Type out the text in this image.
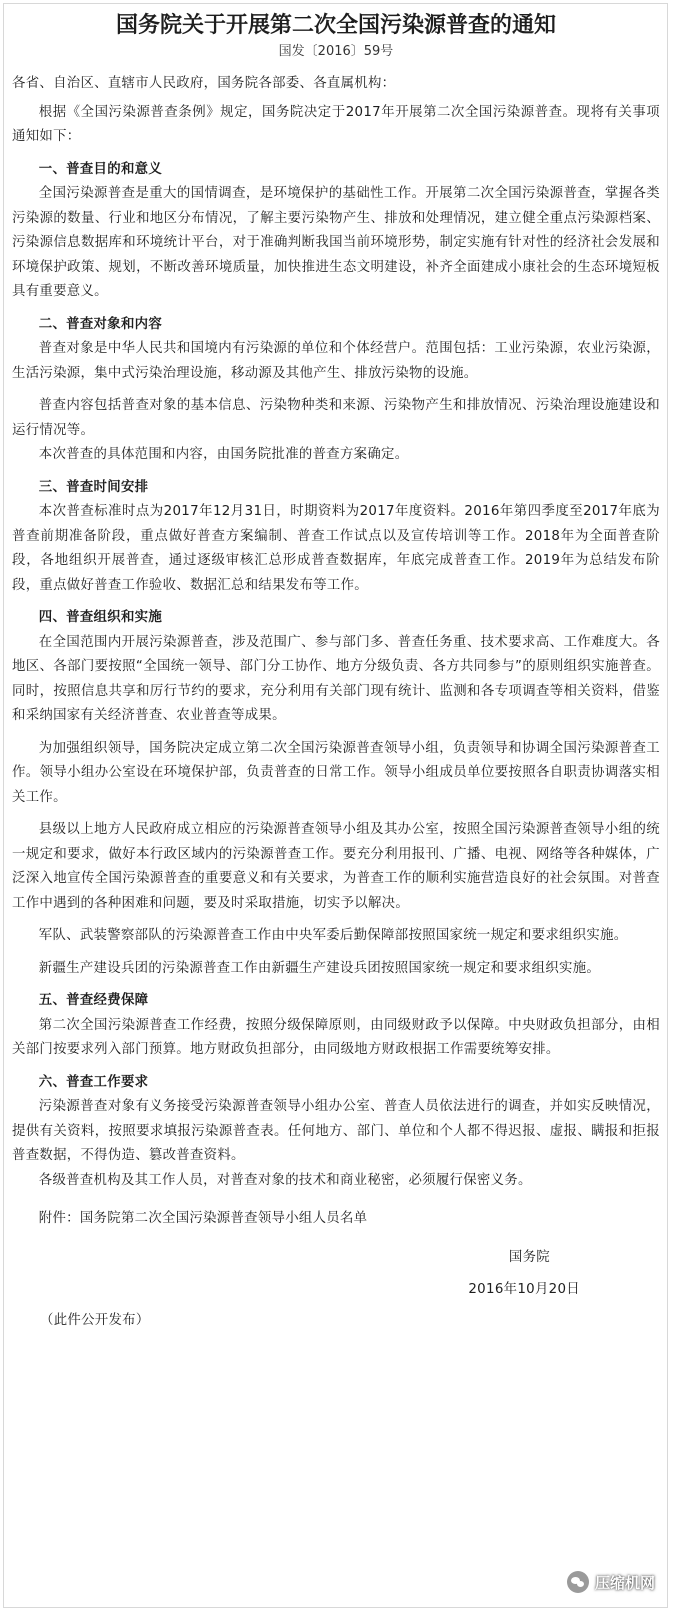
国务院关于开展第二次全国污染源普查的通知
国发〔2016〕59号

各省、自治区、直辖市人民政府，国务院各部委、各直属机构：

根据《全国污染源普查条例》规定，国务院决定于2017年开展第二次全国污染源普查。现将有关事项通知如下：

一、普查目的和意义

全国污染源普查是重大的国情调查，是环境保护的基础性工作。开展第二次全国污染源普查，掌握各类污染源的数量、行业和地区分布情况，了解主要污染物产生、排放和处理情况，建立健全重点污染源档案、污染源信息数据库和环境统计平台，对于准确判断我国当前环境形势，制定实施有针对性的经济社会发展和环境保护政策、规划，不断改善环境质量，加快推进生态文明建设，补齐全面建成小康社会的生态环境短板具有重要意义。

二、普查对象和内容

普查对象是中华人民共和国境内有污染源的单位和个体经营户。范围包括：工业污染源，农业污染源，生活污染源，集中式污染治理设施，移动源及其他产生、排放污染物的设施。

普查内容包括普查对象的基本信息、污染物种类和来源、污染物产生和排放情况、污染治理设施建设和运行情况等。

本次普查的具体范围和内容，由国务院批准的普查方案确定。

三、普查时间安排

本次普查标准时点为2017年12月31日，时期资料为2017年度资料。2016年第四季度至2017年底为普查前期准备阶段，重点做好普查方案编制、普查工作试点以及宣传培训等工作。2018年为全面普查阶段，各地组织开展普查，通过逐级审核汇总形成普查数据库，年底完成普查工作。2019年为总结发布阶段，重点做好普查工作验收、数据汇总和结果发布等工作。

四、普查组织和实施

在全国范围内开展污染源普查，涉及范围广、参与部门多、普查任务重、技术要求高、工作难度大。各地区、各部门要按照“全国统一领导、部门分工协作、地方分级负责、各方共同参与”的原则组织实施普查。同时，按照信息共享和厉行节约的要求，充分利用有关部门现有统计、监测和各专项调查等相关资料，借鉴和采纳国家有关经济普查、农业普查等成果。

为加强组织领导，国务院决定成立第二次全国污染源普查领导小组，负责领导和协调全国污染源普查工作。领导小组办公室设在环境保护部，负责普查的日常工作。领导小组成员单位要按照各自职责协调落实相关工作。

县级以上地方人民政府成立相应的污染源普查领导小组及其办公室，按照全国污染源普查领导小组的统一规定和要求，做好本行政区域内的污染源普查工作。要充分利用报刊、广播、电视、网络等各种媒体，广泛深入地宣传全国污染源普查的重要意义和有关要求，为普查工作的顺利实施营造良好的社会氛围。对普查工作中遇到的各种困难和问题，要及时采取措施，切实予以解决。

军队、武装警察部队的污染源普查工作由中央军委后勤保障部按照国家统一规定和要求组织实施。

新疆生产建设兵团的污染源普查工作由新疆生产建设兵团按照国家统一规定和要求组织实施。

五、普查经费保障

第二次全国污染源普查工作经费，按照分级保障原则，由同级财政予以保障。中央财政负担部分，由相关部门按要求列入部门预算。地方财政负担部分，由同级地方财政根据工作需要统筹安排。

六、普查工作要求

污染源普查对象有义务接受污染源普查领导小组办公室、普查人员依法进行的调查，并如实反映情况，提供有关资料，按照要求填报污染源普查表。任何地方、部门、单位和个人都不得迟报、虚报、瞒报和拒报普查数据，不得伪造、篡改普查资料。

各级普查机构及其工作人员，对普查对象的技术和商业秘密，必须履行保密义务。

附件：国务院第二次全国污染源普查领导小组人员名单

国务院

2016年10月20日

（此件公开发布）

压缩机网
